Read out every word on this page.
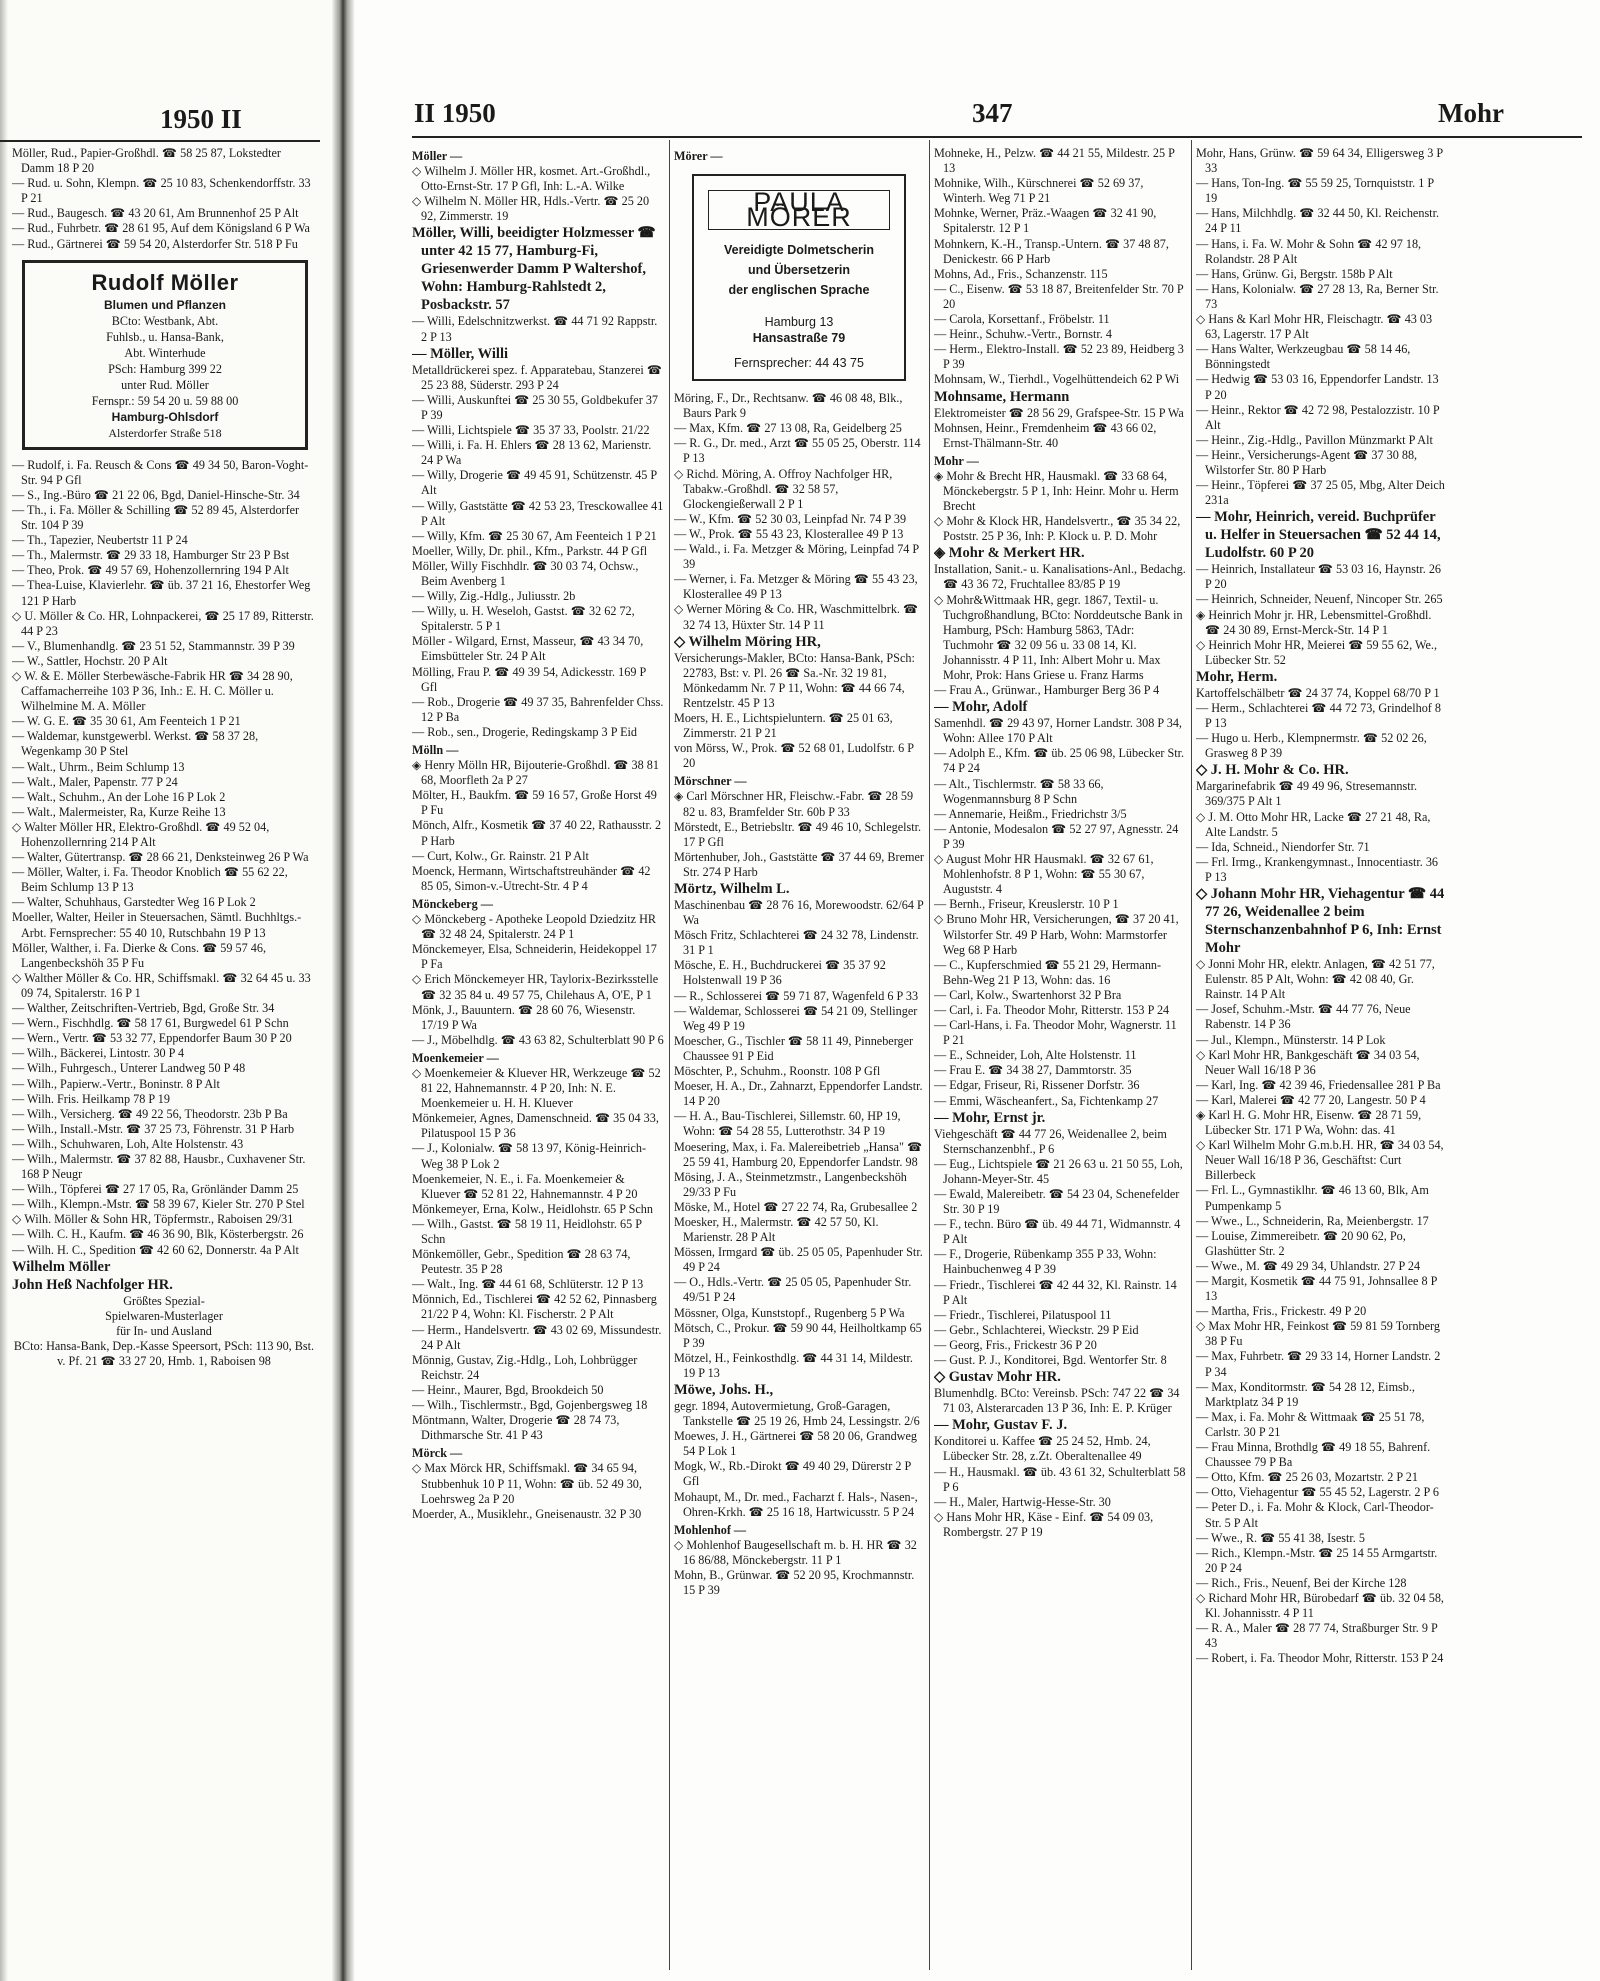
1950 II

Möller, Rud., Papier-Großhdl. ☎ 58 25 87, Lokstedter Damm 18 P 20

— Rud. u. Sohn, Klempn. ☎ 25 10 83, Schenkendorffstr. 33 P 21

— Rud., Baugesch. ☎ 43 20 61, Am Brunnenhof 25 P Alt

— Rud., Fuhrbetr. ☎ 28 61 95, Auf dem Königsland 6 P Wa

— Rud., Gärtnerei ☎ 59 54 20, Alsterdorfer Str. 518 P Fu

Rudolf Möller
Blumen und Pflanzen
BCto: Westbank, Abt.
Fuhlsb., u. Hansa-Bank,
Abt. Winterhude
PSch: Hamburg 399 22
unter Rud. Möller
Fernspr.: 59 54 20 u. 59 88 00
Hamburg-Ohlsdorf
Alsterdorfer Straße 518

— Rudolf, i. Fa. Reusch & Cons ☎ 49 34 50, Baron-Voght-Str. 94 P Gfl

— S., Ing.-Büro ☎ 21 22 06, Bgd, Daniel-Hinsche-Str. 34

— Th., i. Fa. Möller & Schilling ☎ 52 89 45, Alsterdorfer Str. 104 P 39

— Th., Tapezier, Neubertstr 11 P 24

— Th., Malermstr. ☎ 29 33 18, Hamburger Str 23 P Bst

— Theo, Prok. ☎ 49 57 69, Hohenzollernring 194 P Alt

— Thea-Luise, Klavierlehr. ☎ üb. 37 21 16, Ehestorfer Weg 121 P Harb

◇ U. Möller & Co. HR, Lohnpackerei, ☎ 25 17 89, Ritterstr. 44 P 23

— V., Blumenhandlg. ☎ 23 51 52, Stammannstr. 39 P 39

— W., Sattler, Hochstr. 20 P Alt

◇ W. & E. Möller Sterbewäsche-Fabrik HR ☎ 34 28 90, Caffamacherreihe 103 P 36, Inh.: E. H. C. Möller u. Wilhelmine M. A. Möller

— W. G. E. ☎ 35 30 61, Am Feenteich 1 P 21

— Waldemar, kunstgewerbl. Werkst. ☎ 58 37 28, Wegenkamp 30 P Stel

— Walt., Uhrm., Beim Schlump 13

— Walt., Maler, Papenstr. 77 P 24

— Walt., Schuhm., An der Lohe 16 P Lok 2

— Walt., Malermeister, Ra, Kurze Reihe 13

◇ Walter Möller HR, Elektro-Großhdl. ☎ 49 52 04, Hohenzollernring 214 P Alt

— Walter, Gütertransp. ☎ 28 66 21, Denksteinweg 26 P Wa

— Möller, Walter, i. Fa. Theodor Knoblich ☎ 55 62 22, Beim Schlump 13 P 13

— Walter, Schuhhaus, Garstedter Weg 16 P Lok 2

Moeller, Walter, Heiler in Steuersachen, Sämtl. Buchhltgs.-Arbt. Fernsprecher: 55 40 10, Rutschbahn 19 P 13

Möller, Walther, i. Fa. Dierke & Cons. ☎ 59 57 46, Langenbeckshöh 35 P Fu

◇ Walther Möller & Co. HR, Schiffsmakl. ☎ 32 64 45 u. 33 09 74, Spitalerstr. 16 P 1

— Walther, Zeitschriften-Vertrieb, Bgd, Große Str. 34

— Wern., Fischhdlg. ☎ 58 17 61, Burgwedel 61 P Schn

— Wern., Vertr. ☎ 53 32 77, Eppendorfer Baum 30 P 20

— Wilh., Bäckerei, Lintostr. 30 P 4

— Wilh., Fuhrgesch., Unterer Landweg 50 P 48

— Wilh., Papierw.-Vertr., Boninstr. 8 P Alt

— Wilh. Fris. Heilkamp 78 P 19

— Wilh., Versicherg. ☎ 49 22 56, Theodorstr. 23b P Ba

— Wilh., Install.-Mstr. ☎ 37 25 73, Föhrenstr. 31 P Harb

— Wilh., Schuhwaren, Loh, Alte Holstenstr. 43

— Wilh., Malermstr. ☎ 37 82 88, Hausbr., Cuxhavener Str. 168 P Neugr

— Wilh., Töpferei ☎ 27 17 05, Ra, Grönländer Damm 25

— Wilh., Klempn.-Mstr. ☎ 58 39 67, Kieler Str. 270 P Stel

◇ Wilh. Möller & Sohn HR, Töpfermstr., Raboisen 29/31

— Wilh. C. H., Kaufm. ☎ 46 36 90, Blk, Kösterbergstr. 26

— Wilh. H. C., Spedition ☎ 42 60 62, Donnerstr. 4a P Alt

Wilhelm Möller

John Heß Nachfolger HR.

Größtes Spezial-
Spielwaren-Musterlager
für In- und Ausland
BCto: Hansa-Bank, Dep.-Kasse Speersort, PSch: 113 90, Bst. v. Pf. 21 ☎ 33 27 20, Hmb. 1, Raboisen 98
II 1950	347	Mohr

Möller —

◇ Wilhelm J. Möller HR, kosmet. Art.-Großhdl., Otto-Ernst-Str. 17 P Gfl, Inh: L.-A. Wilke

◇ Wilhelm N. Möller HR, Hdls.-Vertr. ☎ 25 20 92, Zimmerstr. 19

Möller, Willi, beeidigter Holzmesser ☎ unter 42 15 77, Hamburg-Fi, Griesenwerder Damm P Waltershof, Wohn: Hamburg-Rahlstedt 2, Posbackstr. 57

— Willi, Edelschnitzwerkst. ☎ 44 71 92 Rappstr. 2 P 13

— Möller, Willi

Metalldrückerei spez. f. Apparatebau, Stanzerei ☎ 25 23 88, Süderstr. 293 P 24

— Willi, Auskunftei ☎ 25 30 55, Goldbekufer 37 P 39

— Willi, Lichtspiele ☎ 35 37 33, Poolstr. 21/22

— Willi, i. Fa. H. Ehlers ☎ 28 13 62, Marienstr. 24 P Wa

— Willy, Drogerie ☎ 49 45 91, Schützenstr. 45 P Alt

— Willy, Gaststätte ☎ 42 53 23, Tresckowallee 41 P Alt

— Willy, Kfm. ☎ 25 30 67, Am Feenteich 1 P 21

Moeller, Willy, Dr. phil., Kfm., Parkstr. 44 P Gfl

Möller, Willy Fischhdlr. ☎ 30 03 74, Ochsw., Beim Avenberg 1

— Willy, Zig.-Hdlg., Juliusstr. 2b

— Willy, u. H. Weseloh, Gastst. ☎ 32 62 72, Spitalerstr. 5 P 1

Möller - Wilgard, Ernst, Masseur, ☎ 43 34 70, Eimsbütteler Str. 24 P Alt

Mölling, Frau P. ☎ 49 39 54, Adickesstr. 169 P Gfl

— Rob., Drogerie ☎ 49 37 35, Bahrenfelder Chss. 12 P Ba

— Rob., sen., Drogerie, Redingskamp 3 P Eid

Mölln —

◈ Henry Mölln HR, Bijouterie-Großhdl. ☎ 38 81 68, Moorfleth 2a P 27

Mölter, H., Baukfm. ☎ 59 16 57, Große Horst 49 P Fu

Mönch, Alfr., Kosmetik ☎ 37 40 22, Rathausstr. 2 P Harb

— Curt, Kolw., Gr. Rainstr. 21 P Alt

Moenck, Hermann, Wirtschaftstreuhänder ☎ 42 85 05, Simon-v.-Utrecht-Str. 4 P 4

Mönckeberg —

◇ Mönckeberg - Apotheke Leopold Dziedzitz HR ☎ 32 48 24, Spitalerstr. 24 P 1

Mönckemeyer, Elsa, Schneiderin, Heidekoppel 17 P Fa

◇ Erich Mönckemeyer HR, Taylorix-Bezirksstelle ☎ 32 35 84 u. 49 57 75, Chilehaus A, O'E, P 1

Mönk, J., Bauuntern. ☎ 28 60 76, Wiesenstr. 17/19 P Wa

— J., Möbelhdlg. ☎ 43 63 82, Schulterblatt 90 P 6

Moenkemeier —

◇ Moenkemeier & Kluever HR, Werkzeuge ☎ 52 81 22, Hahnemannstr. 4 P 20, Inh: N. E. Moenkemeier u. H. H. Kluever

Mönkemeier, Agnes, Damenschneid. ☎ 35 04 33, Pilatuspool 15 P 36

— J., Kolonialw. ☎ 58 13 97, König-Heinrich-Weg 38 P Lok 2

Moenkemeier, N. E., i. Fa. Moenkemeier & Kluever ☎ 52 81 22, Hahnemannstr. 4 P 20

Mönkemeyer, Erna, Kolw., Heidlohstr. 65 P Schn

— Wilh., Gastst. ☎ 58 19 11, Heidlohstr. 65 P Schn

Mönkemöller, Gebr., Spedition ☎ 28 63 74, Peutestr. 35 P 28

— Walt., Ing. ☎ 44 61 68, Schlüterstr. 12 P 13

Mönnich, Ed., Tischlerei ☎ 42 52 62, Pinnasberg 21/22 P 4, Wohn: Kl. Fischerstr. 2 P Alt

— Herm., Handelsvertr. ☎ 43 02 69, Missundestr. 24 P Alt

Mönnig, Gustav, Zig.-Hdlg., Loh, Lohbrügger Reichstr. 24

— Heinr., Maurer, Bgd, Brookdeich 50

— Wilh., Tischlermstr., Bgd, Gojenbergsweg 18

Möntmann, Walter, Drogerie ☎ 28 74 73, Dithmarsche Str. 41 P 43

Mörck —

◇ Max Mörck HR, Schiffsmakl. ☎ 34 65 94, Stubbenhuk 10 P 11, Wohn: ☎ üb. 52 49 30, Loehrsweg 2a P 20

Moerder, A., Musiklehr., Gneisenaustr. 32 P 30

Mörer —

PAULA MÖRER
Vereidigte Dolmetscherin
und Übersetzerin
der englischen Sprache
Hamburg 13
Hansastraße 79
Fernsprecher: 44 43 75

Möring, F., Dr., Rechtsanw. ☎ 46 08 48, Blk., Baurs Park 9

— Max, Kfm. ☎ 27 13 08, Ra, Geidelberg 25

— R. G., Dr. med., Arzt ☎ 55 05 25, Oberstr. 114 P 13

◇ Richd. Möring, A. Offroy Nachfolger HR, Tabakw.-Großhdl. ☎ 32 58 57, Glockengießerwall 2 P 1

— W., Kfm. ☎ 52 30 03, Leinpfad Nr. 74 P 39

— W., Prok. ☎ 55 43 23, Klosterallee 49 P 13

— Wald., i. Fa. Metzger & Möring, Leinpfad 74 P 39

— Werner, i. Fa. Metzger & Möring ☎ 55 43 23, Klosterallee 49 P 13

◇ Werner Möring & Co. HR, Waschmittelbrk. ☎ 32 74 13, Hüxter Str. 14 P 11

◇ Wilhelm Möring HR,

Versicherungs-Makler, BCto: Hansa-Bank, PSch: 22783, Bst: v. Pl. 26 ☎ Sa.-Nr. 32 19 81, Mönkedamm Nr. 7 P 11, Wohn: ☎ 44 66 74, Rentzelstr. 45 P 13

Moers, H. E., Lichtspieluntern. ☎ 25 01 63, Zimmerstr. 21 P 21

von Mörss, W., Prok. ☎ 52 68 01, Ludolfstr. 6 P 20

Mörschner —

◈ Carl Mörschner HR, Fleischw.-Fabr. ☎ 28 59 82 u. 83, Bramfelder Str. 60b P 33

Mörstedt, E., Betriebsltr. ☎ 49 46 10, Schlegelstr. 17 P Gfl

Mörtenhuber, Joh., Gaststätte ☎ 37 44 69, Bremer Str. 274 P Harb

Mörtz, Wilhelm L.

Maschinenbau ☎ 28 76 16, Morewoodstr. 62/64 P Wa

Mösch Fritz, Schlachterei ☎ 24 32 78, Lindenstr. 31 P 1

Mösche, E. H., Buchdruckerei ☎ 35 37 92 Holstenwall 19 P 36

— R., Schlosserei ☎ 59 71 87, Wagenfeld 6 P 33

— Waldemar, Schlosserei ☎ 54 21 09, Stellinger Weg 49 P 19

Moescher, G., Tischler ☎ 58 11 49, Pinneberger Chaussee 91 P Eid

Möschter, P., Schuhm., Roonstr. 108 P Gfl

Moeser, H. A., Dr., Zahnarzt, Eppendorfer Landstr. 14 P 20

— H. A., Bau-Tischlerei, Sillemstr. 60, HP 19, Wohn: ☎ 54 28 55, Lutterothstr. 34 P 19

Moesering, Max, i. Fa. Malereibetrieb „Hansa" ☎ 25 59 41, Hamburg 20, Eppendorfer Landstr. 98

Mösing, J. A., Steinmetzmstr., Langenbeckshöh 29/33 P Fu

Möske, M., Hotel ☎ 27 22 74, Ra, Grubesallee 2

Moesker, H., Malermstr. ☎ 42 57 50, Kl. Marienstr. 28 P Alt

Mössen, Irmgard ☎ üb. 25 05 05, Papenhuder Str. 49 P 24

— O., Hdls.-Vertr. ☎ 25 05 05, Papenhuder Str. 49/51 P 24

Mössner, Olga, Kunststopf., Rugenberg 5 P Wa

Mötsch, C., Prokur. ☎ 59 90 44, Heilholtkamp 65 P 39

Mötzel, H., Feinkosthdlg. ☎ 44 31 14, Mildestr. 19 P 13

Möwe, Johs. H.,

gegr. 1894, Autovermietung, Groß-Garagen, Tankstelle ☎ 25 19 26, Hmb 24, Lessingstr. 2/6

Moewes, J. H., Gärtnerei ☎ 58 20 06, Grandweg 54 P Lok 1

Mogk, W., Rb.-Dirokt ☎ 49 40 29, Dürerstr 2 P Gfl

Mohaupt, M., Dr. med., Facharzt f. Hals-, Nasen-, Ohren-Krkh. ☎ 25 16 18, Hartwicusstr. 5 P 24

Mohlenhof —

◇ Mohlenhof Baugesellschaft m. b. H. HR ☎ 32 16 86/88, Mönckebergstr. 11 P 1

Mohn, B., Grünwar. ☎ 52 20 95, Krochmannstr. 15 P 39

Mohneke, H., Pelzw. ☎ 44 21 55, Mildestr. 25 P 13

Mohnike, Wilh., Kürschnerei ☎ 52 69 37, Winterh. Weg 71 P 21

Mohnke, Werner, Präz.-Waagen ☎ 32 41 90, Spitalerstr. 12 P 1

Mohnkern, K.-H., Transp.-Untern. ☎ 37 48 87, Denickestr. 66 P Harb

Mohns, Ad., Fris., Schanzenstr. 115

— C., Eisenw. ☎ 53 18 87, Breitenfelder Str. 70 P 20

— Carola, Korsettanf., Fröbelstr. 11

— Heinr., Schuhw.-Vertr., Bornstr. 4

— Herm., Elektro-Install. ☎ 52 23 89, Heidberg 3 P 39

Mohnsam, W., Tierhdl., Vogelhüttendeich 62 P Wi

Mohnsame, Hermann

Elektromeister ☎ 28 56 29, Grafspee-Str. 15 P Wa

Mohnsen, Heinr., Fremdenheim ☎ 43 66 02, Ernst-Thälmann-Str. 40

Mohr —

◈ Mohr & Brecht HR, Hausmakl. ☎ 33 68 64, Mönckebergstr. 5 P 1, Inh: Heinr. Mohr u. Herm Brecht

◇ Mohr & Klock HR, Handelsvertr., ☎ 35 34 22, Poststr. 25 P 36, Inh: P. Klock u. P. D. Mohr

◈ Mohr & Merkert HR.

Installation, Sanit.- u. Kanalisations-Anl., Bedachg. ☎ 43 36 72, Fruchtallee 83/85 P 19

◇ Mohr&Wittmaak HR, gegr. 1867, Textil- u. Tuchgroßhandlung, BCto: Norddeutsche Bank in Hamburg, PSch: Hamburg 5863, TAdr: Tuchmohr ☎ 32 09 56 u. 33 08 14, Kl. Johannisstr. 4 P 11, Inh: Albert Mohr u. Max Mohr, Prok: Hans Griese u. Franz Harms

— Frau A., Grünwar., Hamburger Berg 36 P 4

— Mohr, Adolf

Samenhdl. ☎ 29 43 97, Horner Landstr. 308 P 34, Wohn: Allee 170 P Alt

— Adolph E., Kfm. ☎ üb. 25 06 98, Lübecker Str. 74 P 24

— Alt., Tischlermstr. ☎ 58 33 66, Wogenmannsburg 8 P Schn

— Annemarie, Heißm., Friedrichstr 3/5

— Antonie, Modesalon ☎ 52 27 97, Agnesstr. 24 P 39

◇ August Mohr HR Hausmakl. ☎ 32 67 61, Mohlenhofstr. 8 P 1, Wohn: ☎ 55 30 67, Auguststr. 4

— Bernh., Friseur, Kreuslerstr. 10 P 1

◇ Bruno Mohr HR, Versicherungen, ☎ 37 20 41, Wilstorfer Str. 49 P Harb, Wohn: Marmstorfer Weg 68 P Harb

— C., Kupferschmied ☎ 55 21 29, Hermann-Behn-Weg 21 P 13, Wohn: das. 16

— Carl, Kolw., Swartenhorst 32 P Bra

— Carl, i. Fa. Theodor Mohr, Ritterstr. 153 P 24

— Carl-Hans, i. Fa. Theodor Mohr, Wagnerstr. 11 P 21

— E., Schneider, Loh, Alte Holstenstr. 11

— Frau E. ☎ 34 38 27, Dammtorstr. 35

— Edgar, Friseur, Ri, Rissener Dorfstr. 36

— Emmi, Wäscheanfert., Sa, Fichtenkamp 27

— Mohr, Ernst jr.

Viehgeschäft ☎ 44 77 26, Weidenallee 2, beim Sternschanzenbhf., P 6

— Eug., Lichtspiele ☎ 21 26 63 u. 21 50 55, Loh, Johann-Meyer-Str. 45

— Ewald, Malereibetr. ☎ 54 23 04, Schenefelder Str. 30 P 19

— F., techn. Büro ☎ üb. 49 44 71, Widmannstr. 4 P Alt

— F., Drogerie, Rübenkamp 355 P 33, Wohn: Hainbuchenweg 4 P 39

— Friedr., Tischlerei ☎ 42 44 32, Kl. Rainstr. 14 P Alt

— Friedr., Tischlerei, Pilatuspool 11

— Gebr., Schlachterei, Wieckstr. 29 P Eid

— Georg, Fris., Frickestr 36 P 20

— Gust. P. J., Konditorei, Bgd. Wentorfer Str. 8

◇ Gustav Mohr HR.

Blumenhdlg. BCto: Vereinsb. PSch: 747 22 ☎ 34 71 03, Alsterarcaden 13 P 36, Inh: E. P. Krüger

— Mohr, Gustav F. J.

Konditorei u. Kaffee ☎ 25 24 52, Hmb. 24, Lübecker Str. 28, z.Zt. Oberaltenallee 49

— H., Hausmakl. ☎ üb. 43 61 32, Schulterblatt 58 P 6

— H., Maler, Hartwig-Hesse-Str. 30

◇ Hans Mohr HR, Käse - Einf. ☎ 54 09 03, Rombergstr. 27 P 19

Mohr, Hans, Grünw. ☎ 59 64 34, Elligersweg 3 P 33

— Hans, Ton-Ing. ☎ 55 59 25, Tornquiststr. 1 P 19

— Hans, Milchhdlg. ☎ 32 44 50, Kl. Reichenstr. 24 P 11

— Hans, i. Fa. W. Mohr & Sohn ☎ 42 97 18, Rolandstr. 28 P Alt

— Hans, Grünw. Gi, Bergstr. 158b P Alt

— Hans, Kolonialw. ☎ 27 28 13, Ra, Berner Str. 73

◇ Hans & Karl Mohr HR, Fleischagtr. ☎ 43 03 63, Lagerstr. 17 P Alt

— Hans Walter, Werkzeugbau ☎ 58 14 46, Bönningstedt

— Hedwig ☎ 53 03 16, Eppendorfer Landstr. 13 P 20

— Heinr., Rektor ☎ 42 72 98, Pestalozzistr. 10 P Alt

— Heinr., Zig.-Hdlg., Pavillon Münzmarkt P Alt

— Heinr., Versicherungs-Agent ☎ 37 30 88, Wilstorfer Str. 80 P Harb

— Heinr., Töpferei ☎ 37 25 05, Mbg, Alter Deich 231a

— Mohr, Heinrich, vereid. Buchprüfer u. Helfer in Steuersachen ☎ 52 44 14, Ludolfstr. 60 P 20

— Heinrich, Installateur ☎ 53 03 16, Haynstr. 26 P 20

— Heinrich, Schneider, Neuenf, Nincoper Str. 265

◈ Heinrich Mohr jr. HR, Lebensmittel-Großhdl. ☎ 24 30 89, Ernst-Merck-Str. 14 P 1

◇ Heinrich Mohr HR, Meierei ☎ 59 55 62, We., Lübecker Str. 52

Mohr, Herm.

Kartoffelschälbetr ☎ 24 37 74, Koppel 68/70 P 1

— Herm., Schlachterei ☎ 44 72 73, Grindelhof 8 P 13

— Hugo u. Herb., Klempnermstr. ☎ 52 02 26, Grasweg 8 P 39

◇ J. H. Mohr & Co. HR.

Margarinefabrik ☎ 49 49 96, Stresemannstr. 369/375 P Alt 1

◇ J. M. Otto Mohr HR, Lacke ☎ 27 21 48, Ra, Alte Landstr. 5

— Ida, Schneid., Niendorfer Str. 71

— Frl. Irmg., Krankengymnast., Innocentiastr. 36 P 13

◇ Johann Mohr HR, Viehagentur ☎ 44 77 26, Weidenallee 2 beim Sternschanzenbahnhof P 6, Inh: Ernst Mohr

◇ Jonni Mohr HR, elektr. Anlagen, ☎ 42 51 77, Eulenstr. 85 P Alt, Wohn: ☎ 42 08 40, Gr. Rainstr. 14 P Alt

— Josef, Schuhm.-Mstr. ☎ 44 77 76, Neue Rabenstr. 14 P 36

— Jul., Klempn., Münsterstr. 14 P Lok

◇ Karl Mohr HR, Bankgeschäft ☎ 34 03 54, Neuer Wall 16/18 P 36

— Karl, Ing. ☎ 42 39 46, Friedensallee 281 P Ba

— Karl, Malerei ☎ 42 77 20, Langestr. 50 P 4

◈ Karl H. G. Mohr HR, Eisenw. ☎ 28 71 59, Lübecker Str. 171 P Wa, Wohn: das. 41

◇ Karl Wilhelm Mohr G.m.b.H. HR, ☎ 34 03 54, Neuer Wall 16/18 P 36, Geschäftst: Curt Billerbeck

— Frl. L., Gymnastiklhr. ☎ 46 13 60, Blk, Am Pumpenkamp 5

— Wwe., L., Schneiderin, Ra, Meienbergstr. 17

— Louise, Zimmereibetr. ☎ 20 90 62, Po, Glashütter Str. 2

— Wwe., M. ☎ 49 29 34, Uhlandstr. 27 P 24

— Margit, Kosmetik ☎ 44 75 91, Johnsallee 8 P 13

— Martha, Fris., Frickestr. 49 P 20

◇ Max Mohr HR, Feinkost ☎ 59 81 59 Tornberg 38 P Fu

— Max, Fuhrbetr. ☎ 29 33 14, Horner Landstr. 2 P 34

— Max, Konditormstr. ☎ 54 28 12, Eimsb., Marktplatz 34 P 19

— Max, i. Fa. Mohr & Wittmaak ☎ 25 51 78, Carlstr. 30 P 21

— Frau Minna, Brothdlg ☎ 49 18 55, Bahrenf. Chaussee 79 P Ba

— Otto, Kfm. ☎ 25 26 03, Mozartstr. 2 P 21

— Otto, Viehagentur ☎ 55 45 52, Lagerstr. 2 P 6

— Peter D., i. Fa. Mohr & Klock, Carl-Theodor-Str. 5 P Alt

— Wwe., R. ☎ 55 41 38, Isestr. 5

— Rich., Klempn.-Mstr. ☎ 25 14 55 Armgartstr. 20 P 24

— Rich., Fris., Neuenf, Bei der Kirche 128

◇ Richard Mohr HR, Bürobedarf ☎ üb. 32 04 58, Kl. Johannisstr. 4 P 11

— R. A., Maler ☎ 28 77 74, Straßburger Str. 9 P 43

— Robert, i. Fa. Theodor Mohr, Ritterstr. 153 P 24
